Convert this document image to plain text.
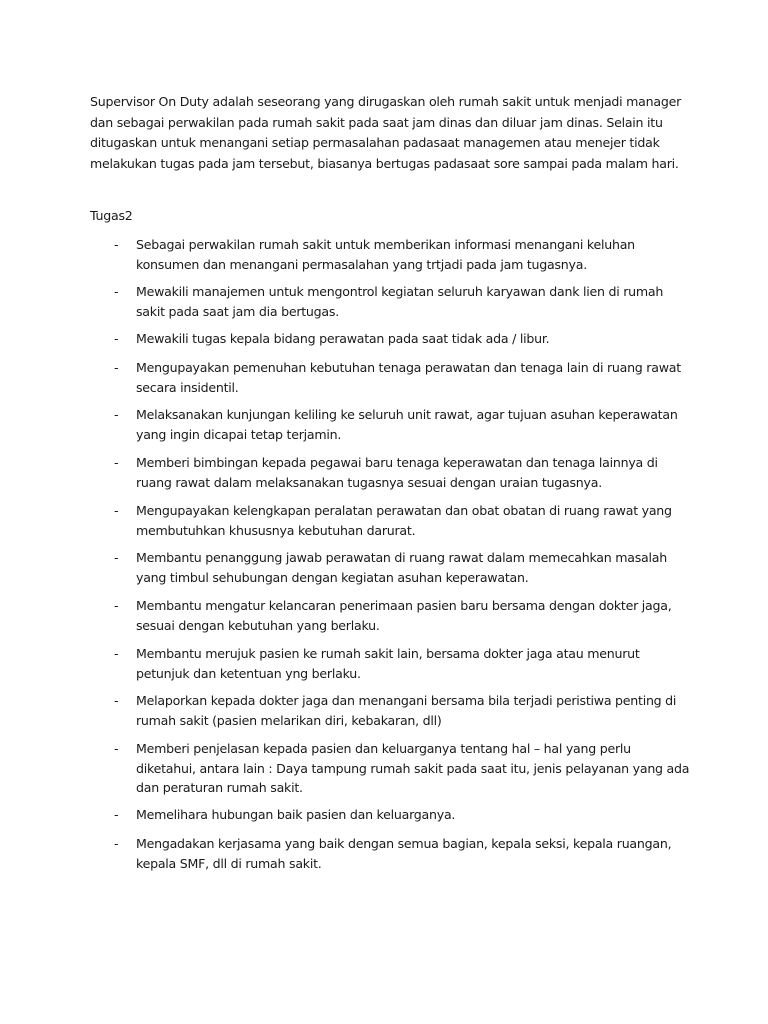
Supervisor On Duty adalah seseorang yang dirugaskan oleh rumah sakit untuk menjadi manager dan sebagai perwakilan pada rumah sakit pada saat jam dinas dan diluar jam dinas. Selain itu ditugaskan untuk menangani setiap permasalahan padasaat managemen atau menejer tidak melakukan tugas pada jam tersebut, biasanya bertugas padasaat sore sampai pada malam hari.

Tugas2

-	Sebagai perwakilan rumah sakit untuk memberikan informasi menangani keluhan konsumen dan menangani permasalahan yang trtjadi pada jam tugasnya.
-	Mewakili manajemen untuk mengontrol kegiatan seluruh karyawan dank lien di rumah sakit pada saat jam dia bertugas.
-	Mewakili tugas kepala bidang perawatan pada saat tidak ada / libur.
-	Mengupayakan pemenuhan kebutuhan tenaga perawatan dan tenaga lain di ruang rawat secara insidentil.
-	Melaksanakan kunjungan keliling ke seluruh unit rawat, agar tujuan asuhan keperawatan yang ingin dicapai tetap terjamin.
-	Memberi bimbingan kepada pegawai baru tenaga keperawatan dan tenaga lainnya di ruang rawat dalam melaksanakan tugasnya sesuai dengan uraian tugasnya.
-	Mengupayakan kelengkapan peralatan perawatan dan obat obatan di ruang rawat yang membutuhkan khususnya kebutuhan darurat.
-	Membantu penanggung jawab perawatan di ruang rawat dalam memecahkan masalah yang timbul sehubungan dengan kegiatan asuhan keperawatan.
-	Membantu mengatur kelancaran penerimaan pasien baru bersama dengan dokter jaga, sesuai dengan kebutuhan yang berlaku.
-	Membantu merujuk pasien ke rumah sakit lain, bersama dokter jaga atau menurut petunjuk dan ketentuan yng berlaku.
-	Melaporkan kepada dokter jaga dan menangani bersama bila terjadi peristiwa penting di rumah sakit (pasien melarikan diri, kebakaran, dll)
-	Memberi penjelasan kepada pasien dan keluarganya tentang hal – hal yang perlu diketahui, antara lain : Daya tampung rumah sakit pada saat itu, jenis pelayanan yang ada dan peraturan rumah sakit.
-	Memelihara hubungan baik pasien dan keluarganya.
-	Mengadakan kerjasama yang baik dengan semua bagian, kepala seksi, kepala ruangan, kepala SMF, dll di rumah sakit.
